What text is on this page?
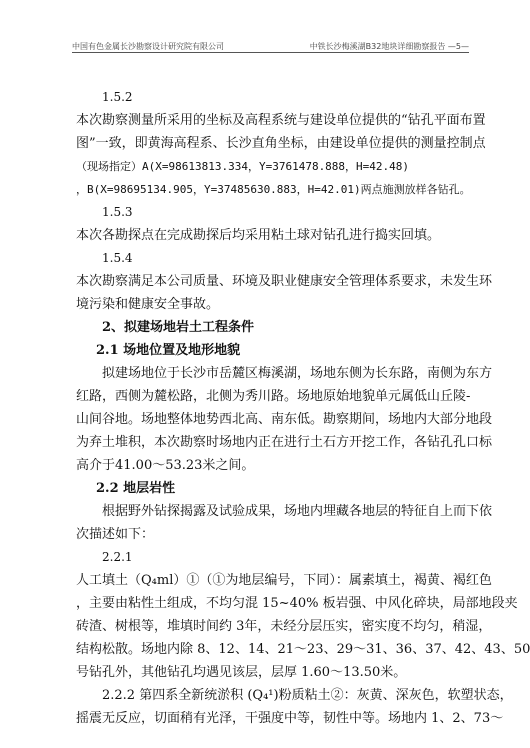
中国有色金属长沙勘察设计研究院有限公司	中铁长沙梅溪湖B32地块详细勘察报告 —5—
1.5.2
本次勘察测量所采用的坐标及高程系统与建设单位提供的“钻孔平面布置
图”一致，即黄海高程系、长沙直角坐标，由建设单位提供的测量控制点
（现场指定）A(X=98613813.334，Y=3761478.888，H=42.48)
，B(X=98695134.905，Y=37485630.883，H=42.01)两点施测放样各钻孔。
1.5.3
本次各勘探点在完成勘探后均采用粘土球对钻孔进行捣实回填。
1.5.4
本次勘察满足本公司质量、环境及职业健康安全管理体系要求，未发生环
境污染和健康安全事故。
2、拟建场地岩土工程条件
2.1 场地位置及地形地貌
拟建场地位于长沙市岳麓区梅溪湖，场地东侧为长东路，南侧为东方
红路，西侧为麓松路，北侧为秀川路。场地原始地貌单元属低山丘陵-
山间谷地。场地整体地势西北高、南东低。勘察期间，场地内大部分地段
为弃土堆积，本次勘察时场地内正在进行土石方开挖工作，各钻孔孔口标
高介于41.00～53.23米之间。
2.2 地层岩性
根据野外钻探揭露及试验成果，场地内埋藏各地层的特征自上而下依
次描述如下：
2.2.1
人工填土（Q₄ml）①（①为地层编号，下同）：属素填土，褐黄、褐红色
，主要由粘性土组成，不均匀混 15~40% 板岩强、中风化碎块，局部地段夹
砖渣、树根等，堆填时间约 3年，未经分层压实，密实度不均匀，稍湿，
结构松散。场地内除 8、12、14、21～23、29～31、36、37、42、43、50
号钻孔外，其他钻孔均遇见该层，层厚 1.60～13.50米。
2.2.2 第四系全新统淤积 (Q₄¹)粉质粘土②：灰黄、深灰色，软塑状态，
摇震无反应，切面稍有光泽，干强度中等，韧性中等。场地内 1、2、73～
